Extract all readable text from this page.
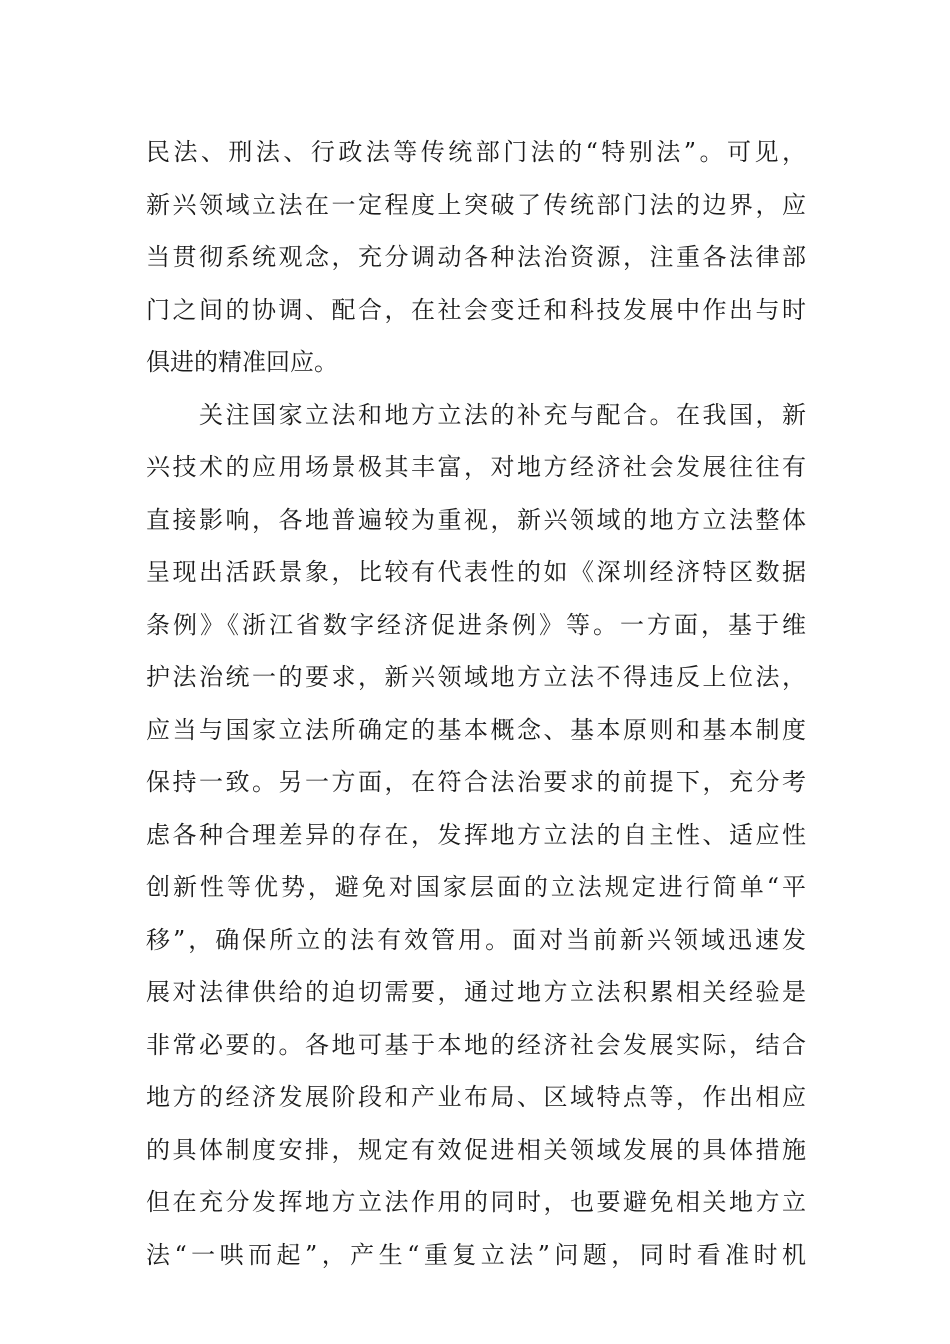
民法、刑法、行政法等传统部门法的“特别法”。可见，
新兴领域立法在一定程度上突破了传统部门法的边界，应
当贯彻系统观念，充分调动各种法治资源，注重各法律部
门之间的协调、配合，在社会变迁和科技发展中作出与时
俱进的精准回应。
　　关注国家立法和地方立法的补充与配合。在我国，新
兴技术的应用场景极其丰富，对地方经济社会发展往往有
直接影响，各地普遍较为重视，新兴领域的地方立法整体
呈现出活跃景象，比较有代表性的如《深圳经济特区数据
条例》《浙江省数字经济促进条例》等。一方面，基于维
护法治统一的要求，新兴领域地方立法不得违反上位法，
应当与国家立法所确定的基本概念、基本原则和基本制度
保持一致。另一方面，在符合法治要求的前提下，充分考
虑各种合理差异的存在，发挥地方立法的自主性、适应性
创新性等优势，避免对国家层面的立法规定进行简单“平
移”，确保所立的法有效管用。面对当前新兴领域迅速发
展对法律供给的迫切需要，通过地方立法积累相关经验是
非常必要的。各地可基于本地的经济社会发展实际，结合
地方的经济发展阶段和产业布局、区域特点等，作出相应
的具体制度安排，规定有效促进相关领域发展的具体措施
但在充分发挥地方立法作用的同时，也要避免相关地方立
法“一哄而起”，产生“重复立法”问题，同时看准时机
